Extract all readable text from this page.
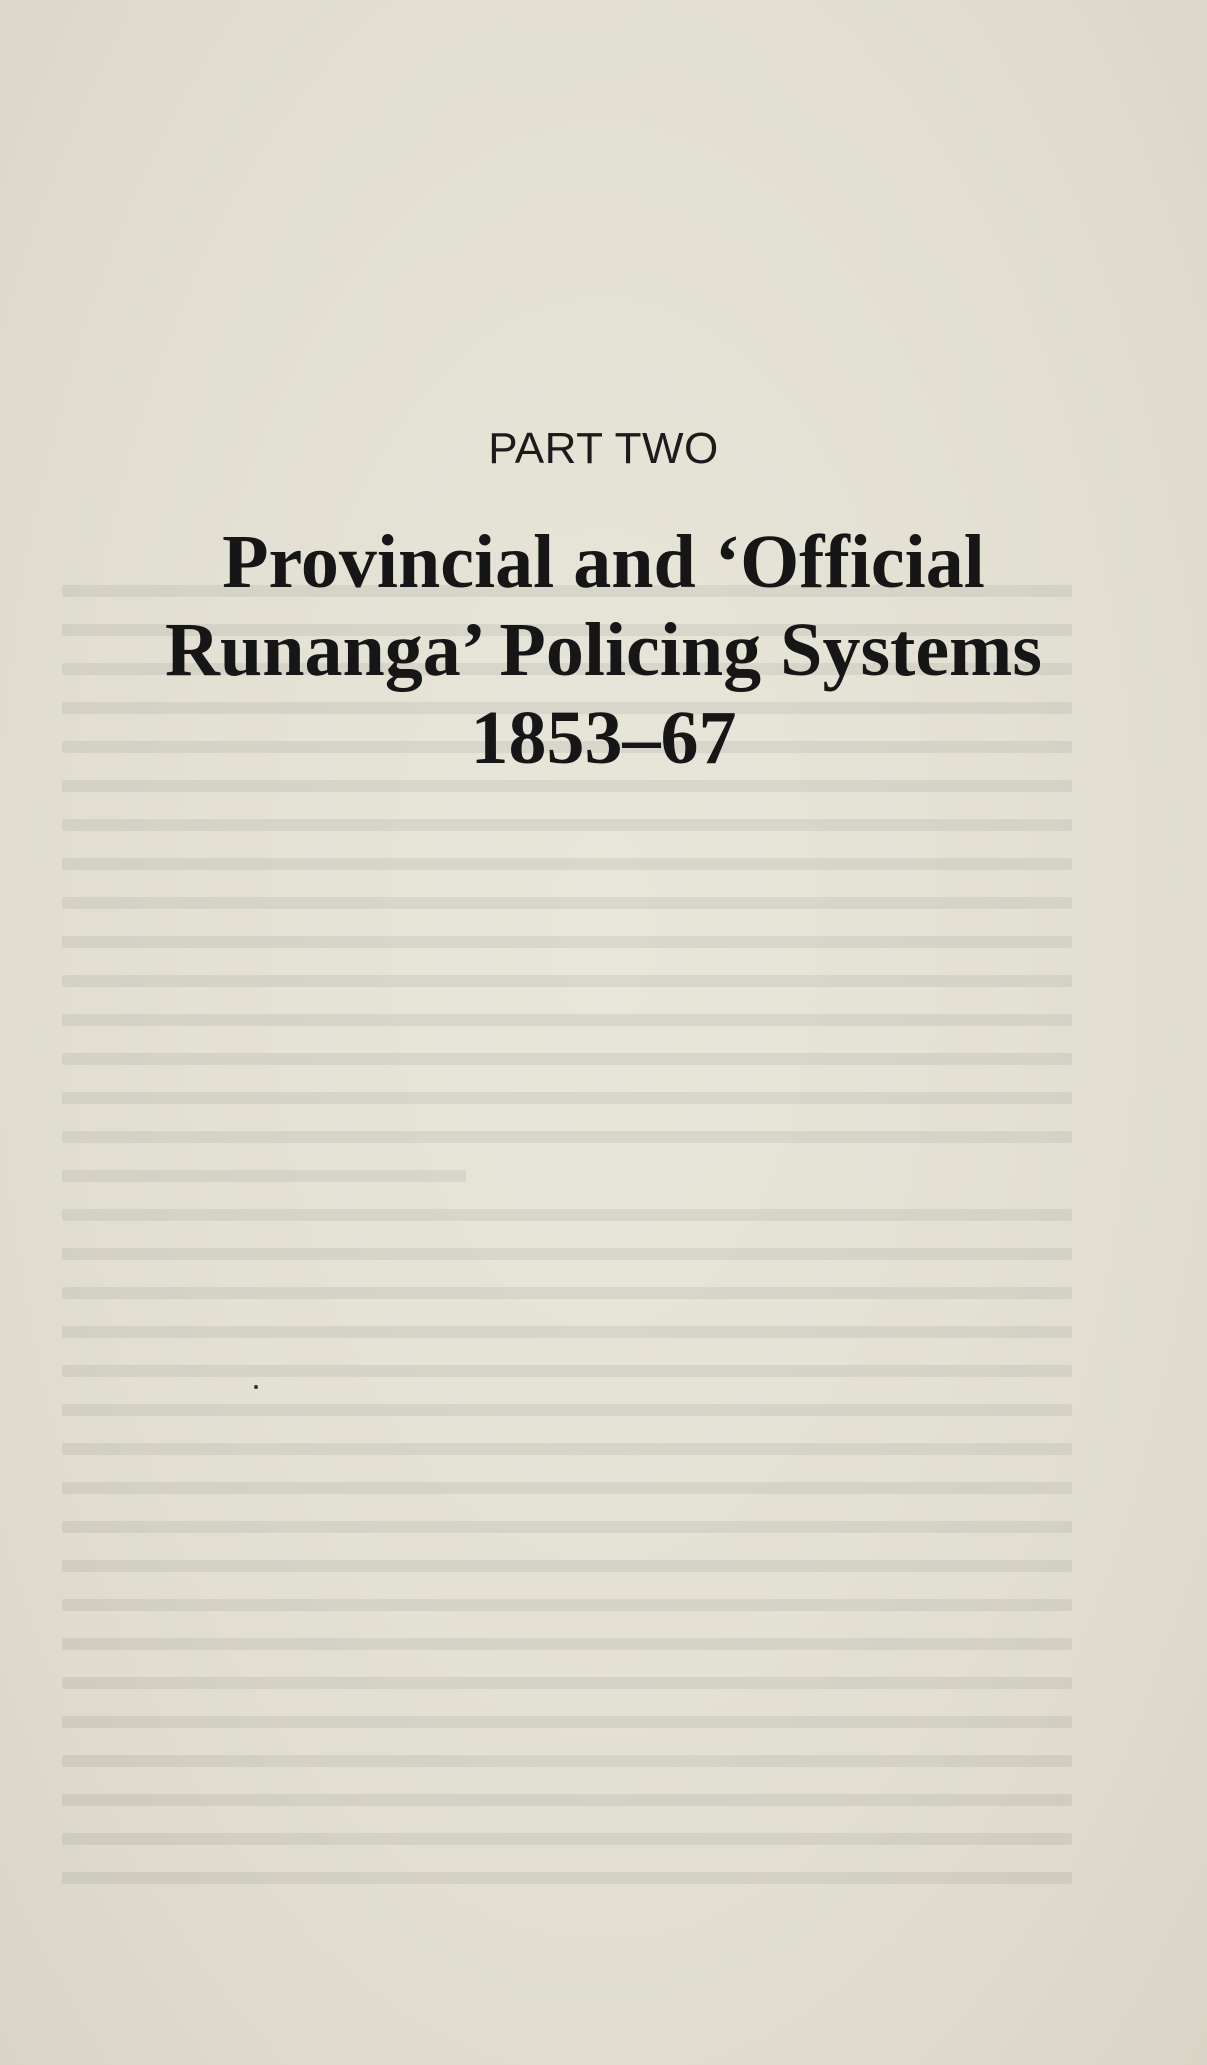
PART TWO
Provincial and ‘Official
Runanga’ Policing Systems
1853–67
